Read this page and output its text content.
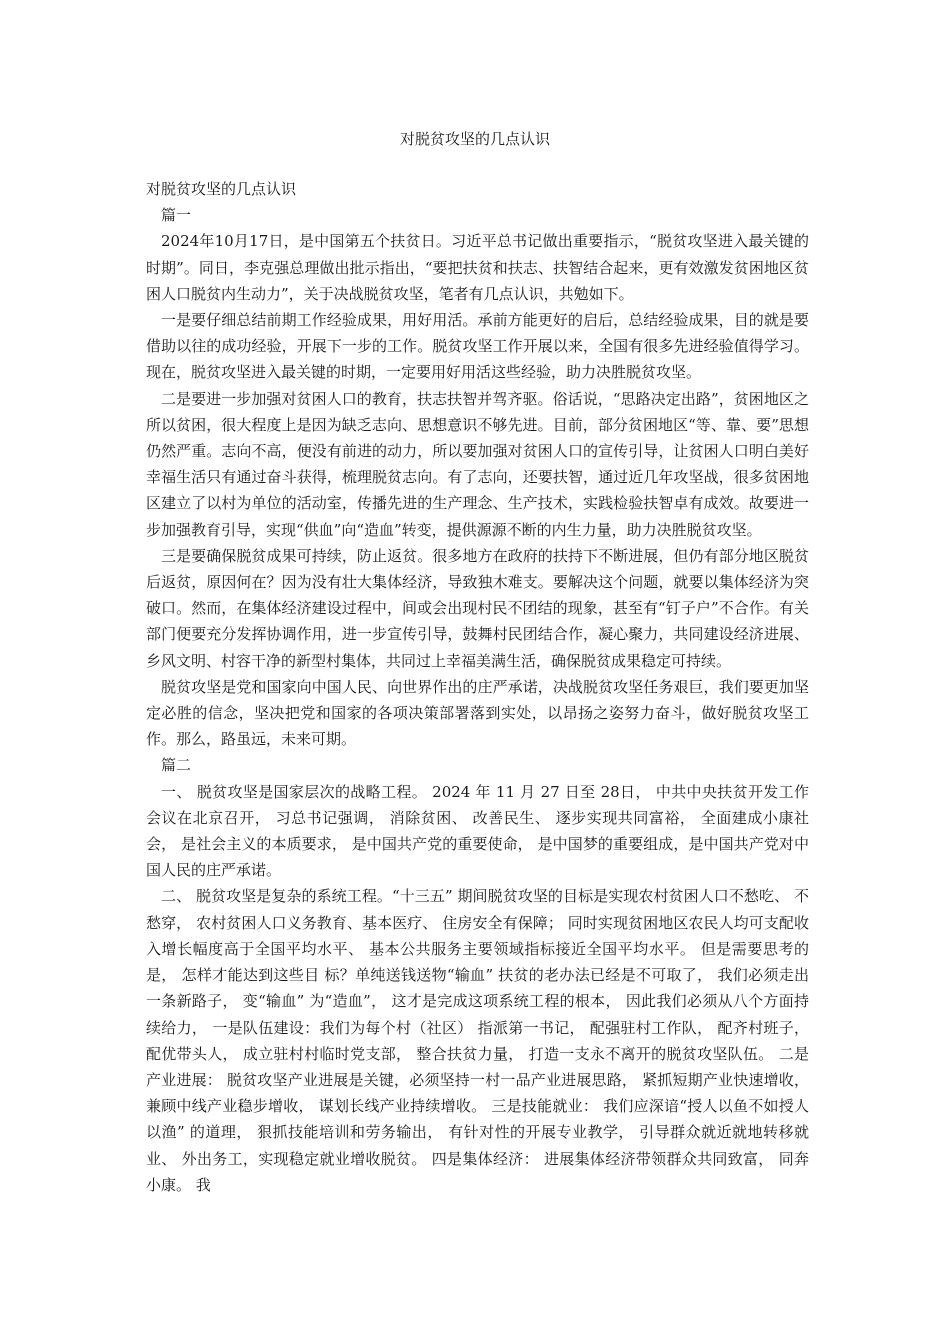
对脱贫攻坚的几点认识

对脱贫攻坚的几点认识

篇一

2024年10月17日，是中国第五个扶贫日。习近平总书记做出重要指示，“脱贫攻坚进入最关键的时期”。同日，李克强总理做出批示指出，“要把扶贫和扶志、扶智结合起来，更有效激发贫困地区贫困人口脱贫内生动力”，关于决战脱贫攻坚，笔者有几点认识，共勉如下。

一是要仔细总结前期工作经验成果，用好用活。承前方能更好的启后，总结经验成果，目的就是要借助以往的成功经验，开展下一步的工作。脱贫攻坚工作开展以来，全国有很多先进经验值得学习。现在，脱贫攻坚进入最关键的时期，一定要用好用活这些经验，助力决胜脱贫攻坚。

二是要进一步加强对贫困人口的教育，扶志扶智并驾齐驱。俗话说，“思路决定出路”，贫困地区之所以贫困，很大程度上是因为缺乏志向、思想意识不够先进。目前，部分贫困地区“等、靠、要”思想仍然严重。志向不高，便没有前进的动力，所以要加强对贫困人口的宣传引导，让贫困人口明白美好幸福生活只有通过奋斗获得，梳理脱贫志向。有了志向，还要扶智，通过近几年攻坚战，很多贫困地区建立了以村为单位的活动室，传播先进的生产理念、生产技术，实践检验扶智卓有成效。故要进一步加强教育引导，实现“供血”向“造血”转变，提供源源不断的内生力量，助力决胜脱贫攻坚。

三是要确保脱贫成果可持续，防止返贫。很多地方在政府的扶持下不断进展，但仍有部分地区脱贫后返贫，原因何在？因为没有壮大集体经济，导致独木难支。要解决这个问题，就要以集体经济为突破口。然而，在集体经济建设过程中，间或会出现村民不团结的现象，甚至有“钉子户”不合作。有关部门便要充分发挥协调作用，进一步宣传引导，鼓舞村民团结合作，凝心聚力，共同建设经济进展、乡风文明、村容干净的新型村集体，共同过上幸福美满生活，确保脱贫成果稳定可持续。

脱贫攻坚是党和国家向中国人民、向世界作出的庄严承诺，决战脱贫攻坚任务艰巨，我们要更加坚定必胜的信念，坚决把党和国家的各项决策部署落到实处，以昂扬之姿努力奋斗，做好脱贫攻坚工作。那么，路虽远，未来可期。

篇二

一、 脱贫攻坚是国家层次的战略工程。 2024 年 11 月 27 日至 28日， 中共中央扶贫开发工作会议在北京召开， 习总书记强调， 消除贫困、 改善民生、 逐步实现共同富裕， 全面建成小康社会， 是社会主义的本质要求， 是中国共产党的重要使命， 是中国梦的重要组成，是中国共产党对中国人民的庄严承诺。

二、 脱贫攻坚是复杂的系统工程。“十三五” 期间脱贫攻坚的目标是实现农村贫困人口不愁吃、 不愁穿， 农村贫困人口义务教育、基本医疗、 住房安全有保障； 同时实现贫困地区农民人均可支配收入增长幅度高于全国平均水平、 基本公共服务主要领域指标接近全国平均水平。 但是需要思考的是， 怎样才能达到这些目 标？单纯送钱送物“输血” 扶贫的老办法已经是不可取了， 我们必须走出一条新路子， 变“输血” 为“造血”， 这才是完成这项系统工程的根本， 因此我们必须从八个方面持续给力， 一是队伍建设：我们为每个村（社区） 指派第一书记， 配强驻村工作队， 配齐村班子， 配优带头人， 成立驻村村临时党支部， 整合扶贫力量， 打造一支永不离开的脱贫攻坚队伍。 二是产业进展： 脱贫攻坚产业进展是关键，必须坚持一村一品产业进展思路， 紧抓短期产业快速增收， 兼顾中线产业稳步增收， 谋划长线产业持续增收。 三是技能就业： 我们应深谙“授人以鱼不如授人以渔” 的道理， 狠抓技能培训和劳务输出， 有针对性的开展专业教学， 引导群众就近就地转移就业、 外出务工，实现稳定就业增收脱贫。 四是集体经济： 进展集体经济带领群众共同致富， 同奔小康。 我
